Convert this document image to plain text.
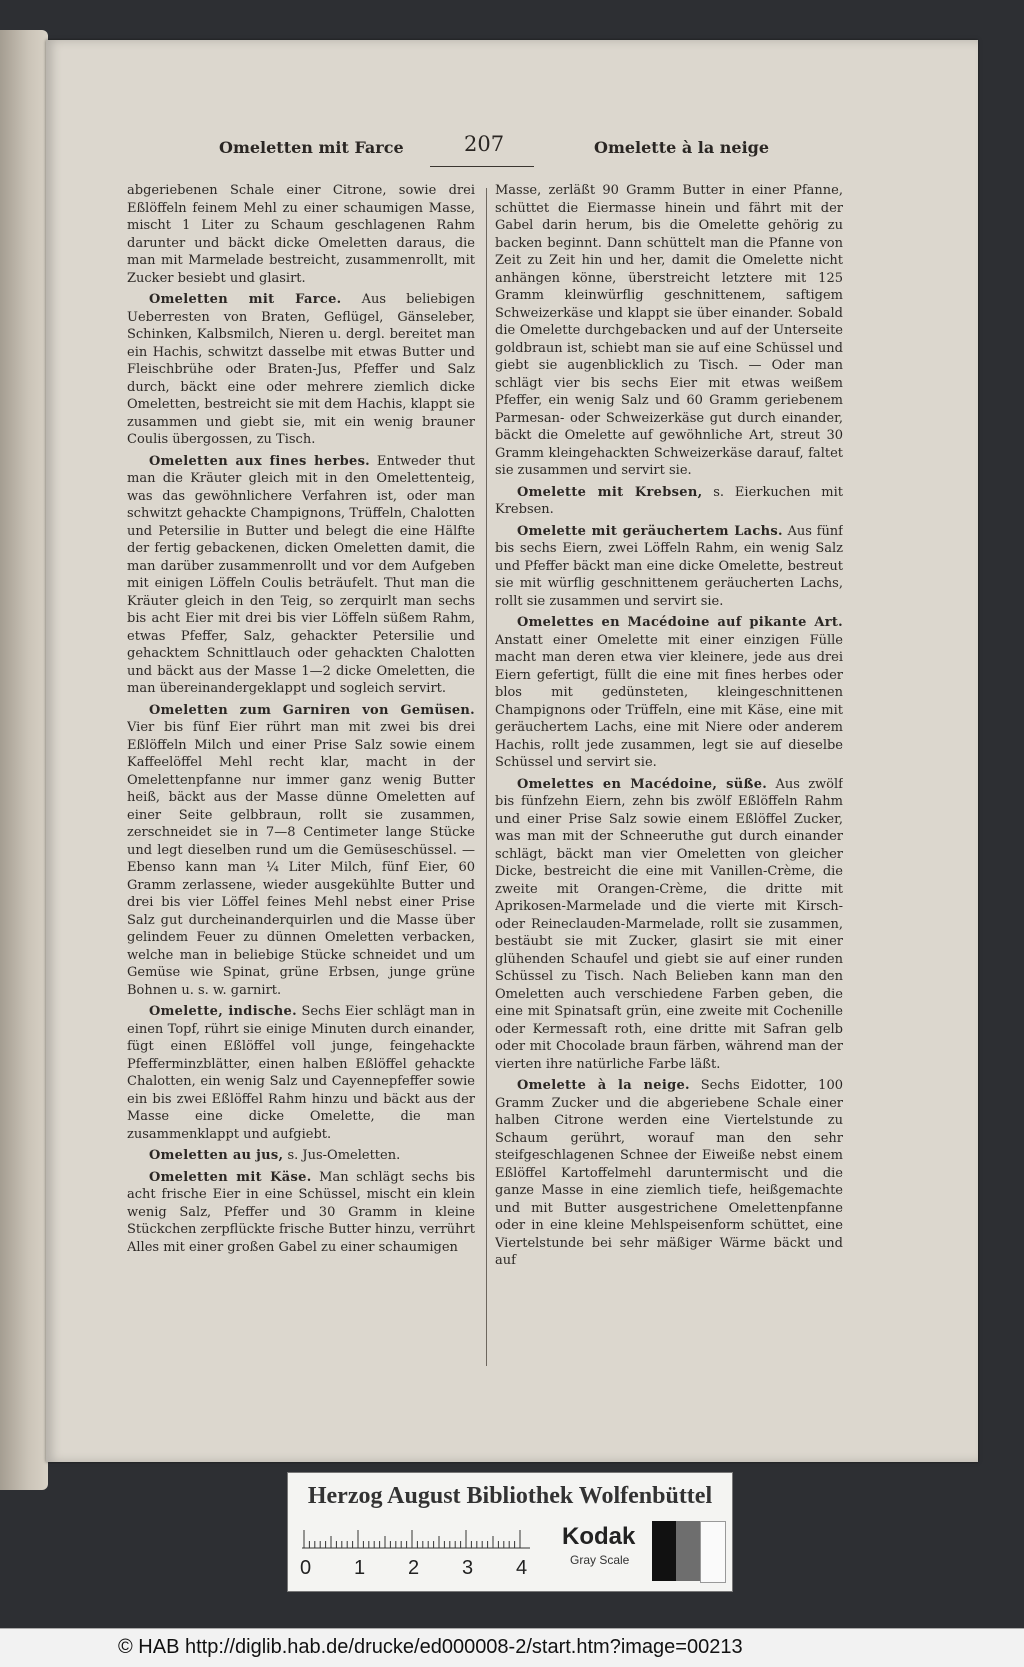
Omeletten mit Farce	207	Omelette à la neige

abgeriebenen Schale einer Citrone, sowie drei Eßlöffeln feinem Mehl zu einer schaumigen Masse, mischt 1 Liter zu Schaum geschlagenen Rahm darunter und bäckt dicke Omeletten daraus, die man mit Marmelade bestreicht, zusammenrollt, mit Zucker besiebt und glasirt.

Omeletten mit Farce. Aus beliebigen Ueberresten von Braten, Geflügel, Gänseleber, Schinken, Kalbsmilch, Nieren u. dergl. bereitet man ein Hachis, schwitzt dasselbe mit etwas Butter und Fleischbrühe oder Braten-Jus, Pfeffer und Salz durch, bäckt eine oder mehrere ziemlich dicke Omeletten, bestreicht sie mit dem Hachis, klappt sie zusammen und giebt sie, mit ein wenig brauner Coulis übergossen, zu Tisch.

Omeletten aux fines herbes. Entweder thut man die Kräuter gleich mit in den Omelettenteig, was das gewöhnlichere Verfahren ist, oder man schwitzt gehackte Champignons, Trüffeln, Chalotten und Petersilie in Butter und belegt die eine Hälfte der fertig gebackenen, dicken Omeletten damit, die man darüber zusammenrollt und vor dem Aufgeben mit einigen Löffeln Coulis beträufelt. Thut man die Kräuter gleich in den Teig, so zerquirlt man sechs bis acht Eier mit drei bis vier Löffeln süßem Rahm, etwas Pfeffer, Salz, gehackter Petersilie und gehacktem Schnittlauch oder gehackten Chalotten und bäckt aus der Masse 1—2 dicke Omeletten, die man übereinandergeklappt und sogleich servirt.

Omeletten zum Garniren von Gemüsen. Vier bis fünf Eier rührt man mit zwei bis drei Eßlöffeln Milch und einer Prise Salz sowie einem Kaffeelöffel Mehl recht klar, macht in der Omelettenpfanne nur immer ganz wenig Butter heiß, bäckt aus der Masse dünne Omeletten auf einer Seite gelbbraun, rollt sie zusammen, zerschneidet sie in 7—8 Centimeter lange Stücke und legt dieselben rund um die Gemüseschüssel. — Ebenso kann man ¼ Liter Milch, fünf Eier, 60 Gramm zerlassene, wieder ausgekühlte Butter und drei bis vier Löffel feines Mehl nebst einer Prise Salz gut durcheinanderquirlen und die Masse über gelindem Feuer zu dünnen Omeletten verbacken, welche man in beliebige Stücke schneidet und um Gemüse wie Spinat, grüne Erbsen, junge grüne Bohnen u. s. w. garnirt.

Omelette, indische. Sechs Eier schlägt man in einen Topf, rührt sie einige Minuten durch einander, fügt einen Eßlöffel voll junge, feingehackte Pfefferminzblätter, einen halben Eßlöffel gehackte Chalotten, ein wenig Salz und Cayennepfeffer sowie ein bis zwei Eßlöffel Rahm hinzu und bäckt aus der Masse eine dicke Omelette, die man zusammenklappt und aufgiebt.

Omeletten au jus, s. Jus-Omeletten.

Omeletten mit Käse. Man schlägt sechs bis acht frische Eier in eine Schüssel, mischt ein klein wenig Salz, Pfeffer und 30 Gramm in kleine Stückchen zerpflückte frische Butter hinzu, verrührt Alles mit einer großen Gabel zu einer schaumigen

Masse, zerläßt 90 Gramm Butter in einer Pfanne, schüttet die Eiermasse hinein und fährt mit der Gabel darin herum, bis die Omelette gehörig zu backen beginnt. Dann schüttelt man die Pfanne von Zeit zu Zeit hin und her, damit die Omelette nicht anhängen könne, überstreicht letztere mit 125 Gramm kleinwürflig geschnittenem, saftigem Schweizerkäse und klappt sie über einander. Sobald die Omelette durchgebacken und auf der Unterseite goldbraun ist, schiebt man sie auf eine Schüssel und giebt sie augenblicklich zu Tisch. — Oder man schlägt vier bis sechs Eier mit etwas weißem Pfeffer, ein wenig Salz und 60 Gramm geriebenem Parmesan- oder Schweizerkäse gut durch einander, bäckt die Omelette auf gewöhnliche Art, streut 30 Gramm kleingehackten Schweizerkäse darauf, faltet sie zusammen und servirt sie.

Omelette mit Krebsen, s. Eierkuchen mit Krebsen.

Omelette mit geräuchertem Lachs. Aus fünf bis sechs Eiern, zwei Löffeln Rahm, ein wenig Salz und Pfeffer bäckt man eine dicke Omelette, bestreut sie mit würflig geschnittenem geräucherten Lachs, rollt sie zusammen und servirt sie.

Omelettes en Macédoine auf pikante Art. Anstatt einer Omelette mit einer einzigen Fülle macht man deren etwa vier kleinere, jede aus drei Eiern gefertigt, füllt die eine mit fines herbes oder blos mit gedünsteten, kleingeschnittenen Champignons oder Trüffeln, eine mit Käse, eine mit geräuchertem Lachs, eine mit Niere oder anderem Hachis, rollt jede zusammen, legt sie auf dieselbe Schüssel und servirt sie.

Omelettes en Macédoine, süße. Aus zwölf bis fünfzehn Eiern, zehn bis zwölf Eßlöffeln Rahm und einer Prise Salz sowie einem Eßlöffel Zucker, was man mit der Schneeruthe gut durch einander schlägt, bäckt man vier Omeletten von gleicher Dicke, bestreicht die eine mit Vanillen-Crème, die zweite mit Orangen-Crème, die dritte mit Aprikosen-Marmelade und die vierte mit Kirsch- oder Reineclauden-Marmelade, rollt sie zusammen, bestäubt sie mit Zucker, glasirt sie mit einer glühenden Schaufel und giebt sie auf einer runden Schüssel zu Tisch. Nach Belieben kann man den Omeletten auch verschiedene Farben geben, die eine mit Spinatsaft grün, eine zweite mit Cochenille oder Kermessaft roth, eine dritte mit Safran gelb oder mit Chocolade braun färben, während man der vierten ihre natürliche Farbe läßt.

Omelette à la neige. Sechs Eidotter, 100 Gramm Zucker und die abgeriebene Schale einer halben Citrone werden eine Viertelstunde zu Schaum gerührt, worauf man den sehr steifgeschlagenen Schnee der Eiweiße nebst einem Eßlöffel Kartoffelmehl daruntermischt und die ganze Masse in eine ziemlich tiefe, heißgemachte und mit Butter ausgestrichene Omelettenpfanne oder in eine kleine Mehlspeisenform schüttet, eine Viertelstunde bei sehr mäßiger Wärme bäckt und auf

Herzog August Bibliothek Wolfenbüttel
0 1 2 3 4
Kodak
Gray Scale
© HAB http://diglib.hab.de/drucke/ed000008-2/start.htm?image=00213
